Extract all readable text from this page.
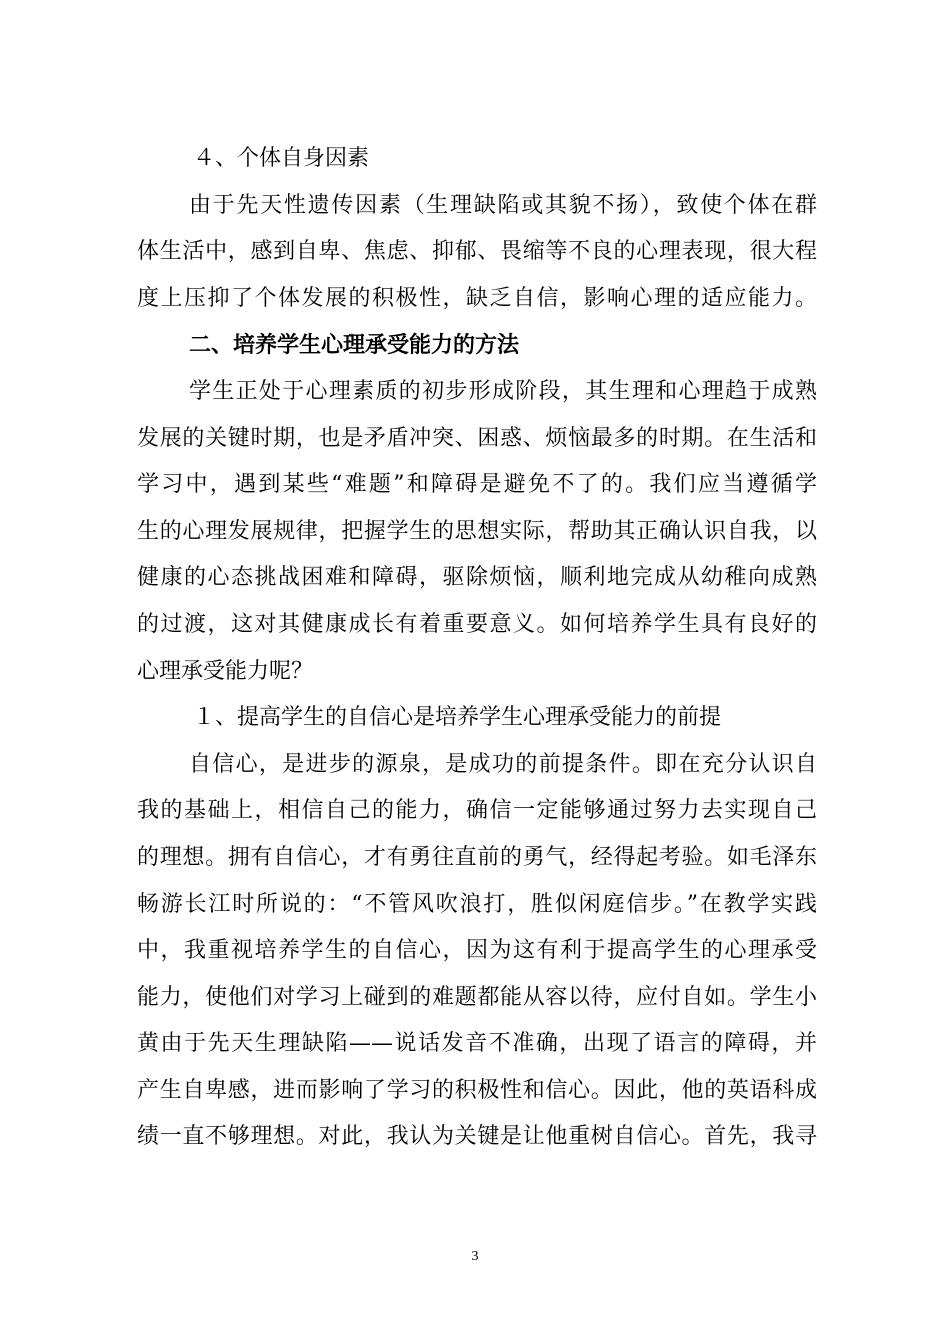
４、个体自身因素
由于先天性遗传因素（生理缺陷或其貌不扬），致使个体在群
体生活中，感到自卑、焦虑、抑郁、畏缩等不良的心理表现，很大程
度上压抑了个体发展的积极性，缺乏自信，影响心理的适应能力。
二、培养学生心理承受能力的方法
学生正处于心理素质的初步形成阶段，其生理和心理趋于成熟
发展的关键时期，也是矛盾冲突、困惑、烦恼最多的时期。在生活和
学习中，遇到某些“难题”和障碍是避免不了的。我们应当遵循学
生的心理发展规律，把握学生的思想实际，帮助其正确认识自我，以
健康的心态挑战困难和障碍，驱除烦恼，顺利地完成从幼稚向成熟
的过渡，这对其健康成长有着重要意义。如何培养学生具有良好的
心理承受能力呢？
１、提高学生的自信心是培养学生心理承受能力的前提
自信心，是进步的源泉，是成功的前提条件。即在充分认识自
我的基础上，相信自己的能力，确信一定能够通过努力去实现自己
的理想。拥有自信心，才有勇往直前的勇气，经得起考验。如毛泽东
畅游长江时所说的：“不管风吹浪打，胜似闲庭信步。”在教学实践
中，我重视培养学生的自信心，因为这有利于提高学生的心理承受
能力，使他们对学习上碰到的难题都能从容以待，应付自如。学生小
黄由于先天生理缺陷——说话发音不准确，出现了语言的障碍，并
产生自卑感，进而影响了学习的积极性和信心。因此，他的英语科成
绩一直不够理想。对此，我认为关键是让他重树自信心。首先，我寻
3
